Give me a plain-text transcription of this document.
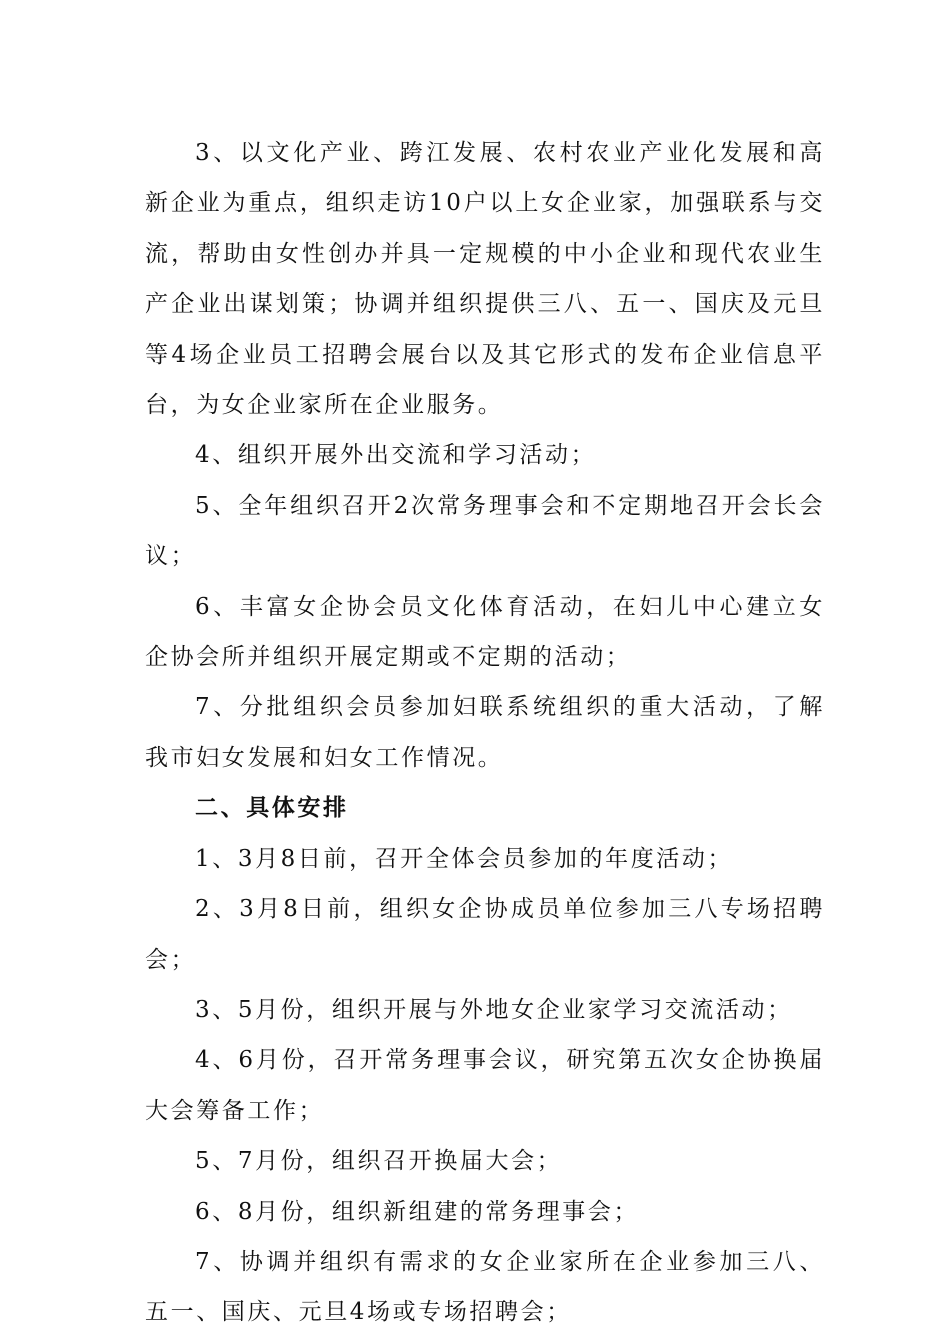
3、以文化产业、跨江发展、农村农业产业化发展和高新企业为重点，组织走访10户以上女企业家，加强联系与交流，帮助由女性创办并具一定规模的中小企业和现代农业生产企业出谋划策；协调并组织提供三八、五一、国庆及元旦等4场企业员工招聘会展台以及其它形式的发布企业信息平台，为女企业家所在企业服务。

4、组织开展外出交流和学习活动；

5、全年组织召开2次常务理事会和不定期地召开会长会议；

6、丰富女企协会员文化体育活动，在妇儿中心建立女企协会所并组织开展定期或不定期的活动；

7、分批组织会员参加妇联系统组织的重大活动，了解我市妇女发展和妇女工作情况。

二、具体安排

1、3月8日前，召开全体会员参加的年度活动；

2、3月8日前，组织女企协成员单位参加三八专场招聘会；

3、5月份，组织开展与外地女企业家学习交流活动；

4、6月份，召开常务理事会议，研究第五次女企协换届大会筹备工作；

5、7月份，组织召开换届大会；

6、8月份，组织新组建的常务理事会；

7、协调并组织有需求的女企业家所在企业参加三八、五一、国庆、元旦4场或专场招聘会；
